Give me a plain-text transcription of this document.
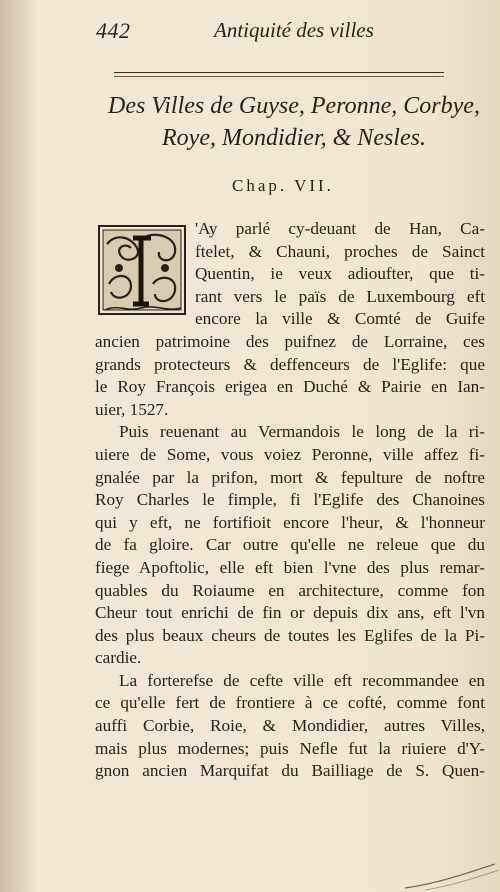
442	Antiquité des villes
Des Villes de Guyse, Peronne, Corbye,
Roye, Mondidier, & Nesles.
Chap. VII.
'Ay parlé cy-deuant de Han, Ca-
ftelet, & Chauni, proches de Sainct
Quentin, ie veux adioufter, que ti-
rant vers le païs de Luxembourg eft
encore la ville & Comté de Guife
ancien patrimoine des puifnez de Lorraine, ces
grands protecteurs & deffenceurs de l'Eglife: que
le Roy François erigea en Duché & Pairie en Ian-
uier, 1527.
Puis reuenant au Vermandois le long de la ri-
uiere de Some, vous voiez Peronne, ville affez fi-
gnalée par la prifon, mort & fepulture de noftre
Roy Charles le fimple, fi l'Eglife des Chanoines
qui y eft, ne fortifioit encore l'heur, & l'honneur
de fa gloire. Car outre qu'elle ne releue que du
fiege Apoftolic, elle eft bien l'vne des plus remar-
quables du Roiaume en architecture, comme fon
Cheur tout enrichi de fin or depuis dix ans, eft l'vn
des plus beaux cheurs de toutes les Eglifes de la Pi-
cardie.
La forterefse de cefte ville eft recommandee en
ce qu'elle fert de frontiere à ce cofté, comme font
auffi Corbie, Roie, & Mondidier, autres Villes,
mais plus modernes; puis Nefle fut la riuiere d'Y-
gnon ancien Marquifat du Bailliage de S. Quen-
